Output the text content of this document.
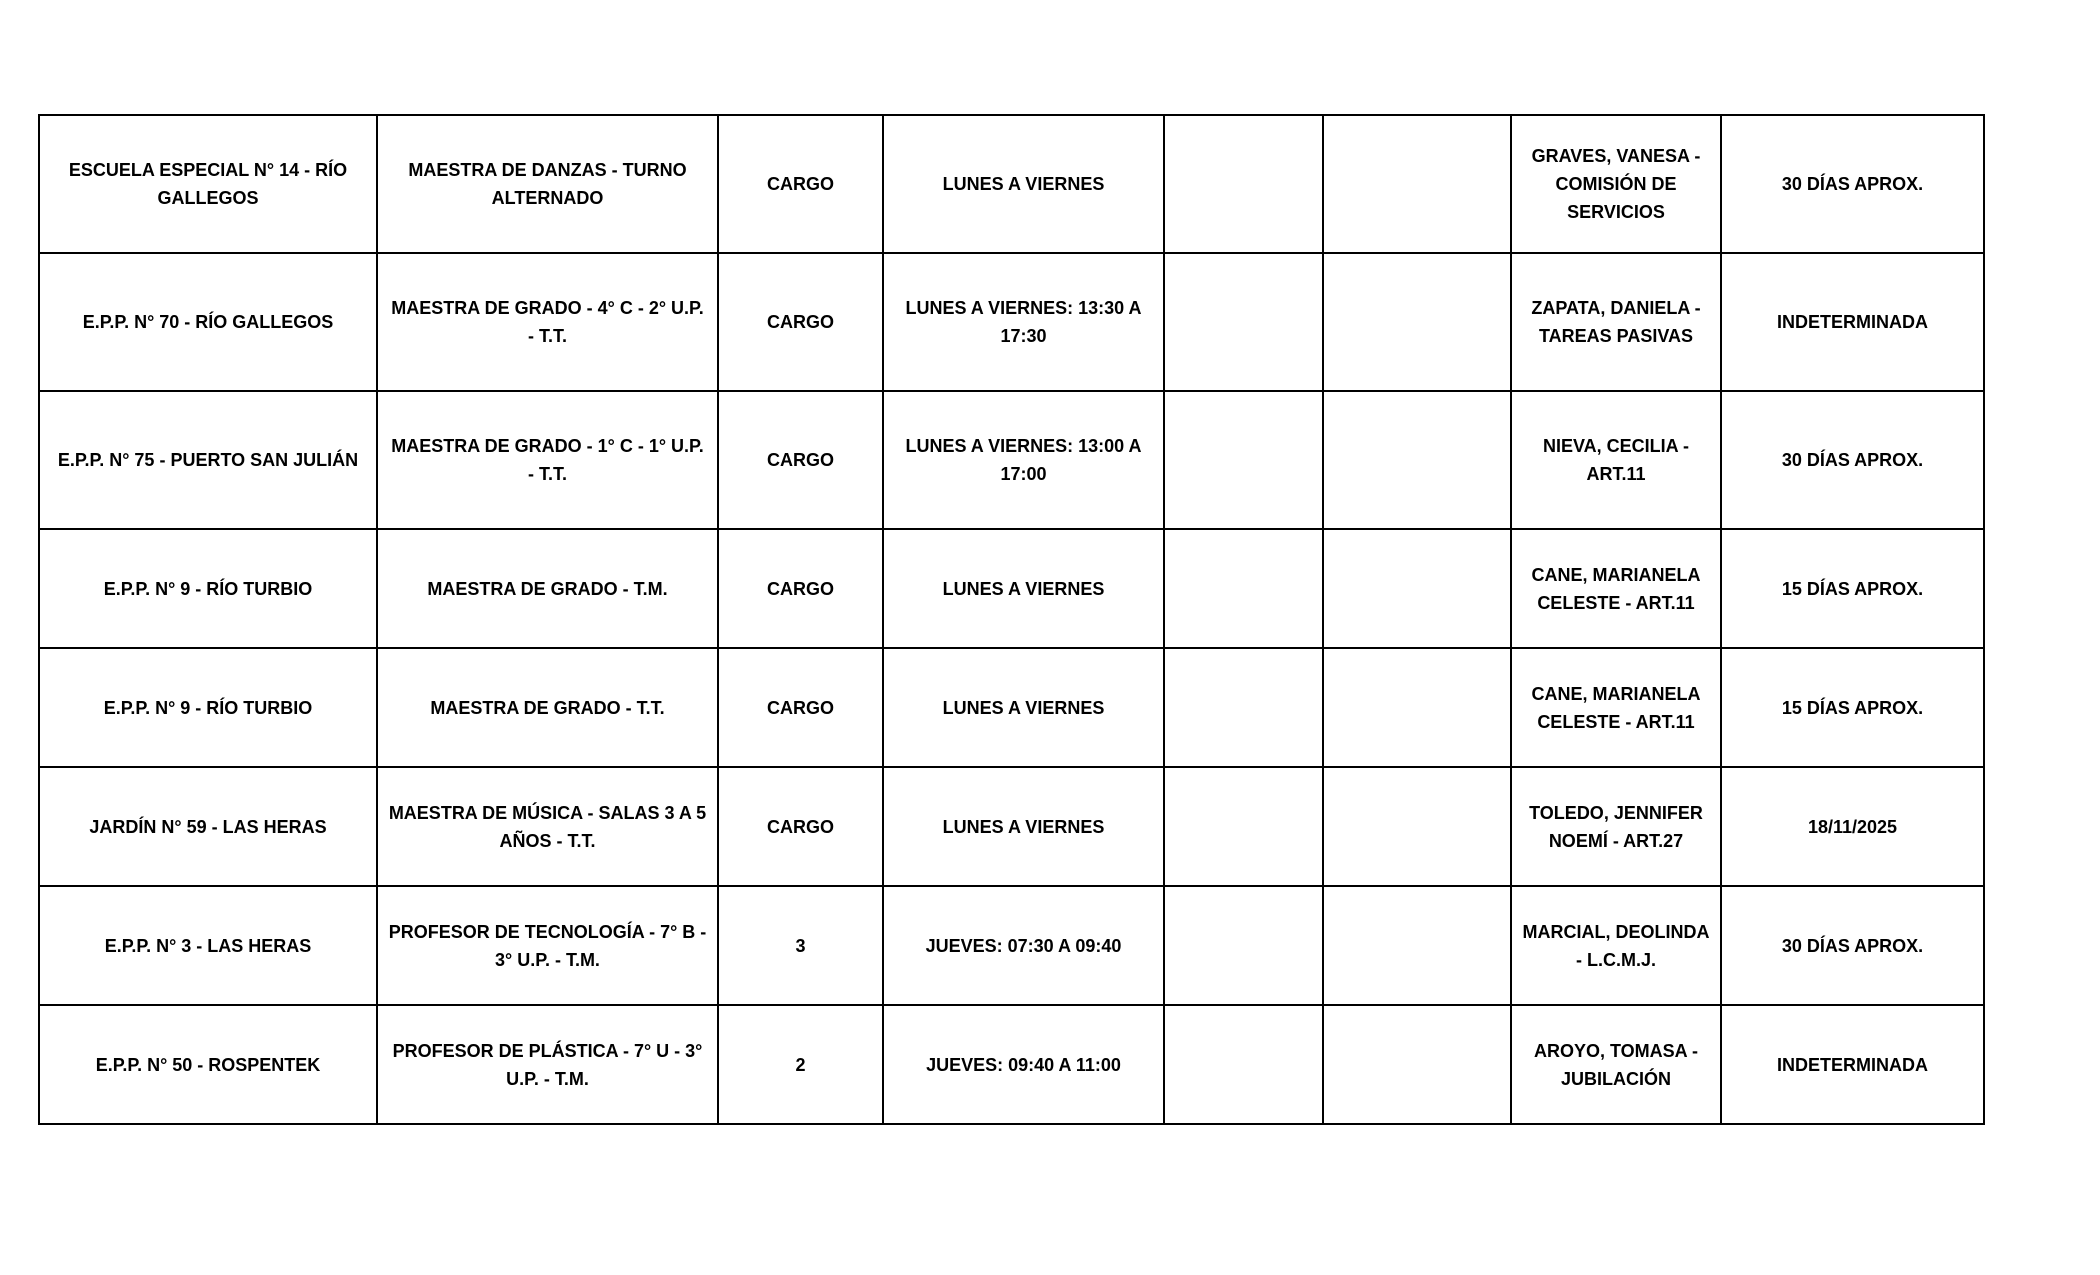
ESCUELA ESPECIAL N° 14 - RÍO GALLEGOS	MAESTRA DE DANZAS - TURNO ALTERNADO	CARGO	LUNES A VIERNES			GRAVES, VANESA - COMISIÓN DE SERVICIOS	30 DÍAS APROX.
E.P.P. N° 70 - RÍO GALLEGOS	MAESTRA DE GRADO - 4° C - 2° U.P. - T.T.	CARGO	LUNES A VIERNES: 13:30 A 17:30			ZAPATA, DANIELA - TAREAS PASIVAS	INDETERMINADA
E.P.P. N° 75 - PUERTO SAN JULIÁN	MAESTRA DE GRADO - 1° C - 1° U.P. - T.T.	CARGO	LUNES A VIERNES: 13:00 A 17:00			NIEVA, CECILIA - ART.11	30 DÍAS APROX.
E.P.P. N° 9 - RÍO TURBIO	MAESTRA DE GRADO - T.M.	CARGO	LUNES A VIERNES			CANE, MARIANELA CELESTE - ART.11	15 DÍAS APROX.
E.P.P. N° 9 - RÍO TURBIO	MAESTRA DE GRADO - T.T.	CARGO	LUNES A VIERNES			CANE, MARIANELA CELESTE - ART.11	15 DÍAS APROX.
JARDÍN N° 59 - LAS HERAS	MAESTRA DE MÚSICA - SALAS 3 A 5 AÑOS - T.T.	CARGO	LUNES A VIERNES			TOLEDO, JENNIFER NOEMÍ - ART.27	18/11/2025
E.P.P. N° 3 - LAS HERAS	PROFESOR DE TECNOLOGÍA - 7° B - 3° U.P. - T.M.	3	JUEVES: 07:30 A 09:40			MARCIAL, DEOLINDA - L.C.M.J.	30 DÍAS APROX.
E.P.P. N° 50 - ROSPENTEK	PROFESOR DE PLÁSTICA - 7° U - 3° U.P. - T.M.	2	JUEVES: 09:40 A 11:00			AROYO, TOMASA - JUBILACIÓN	INDETERMINADA
